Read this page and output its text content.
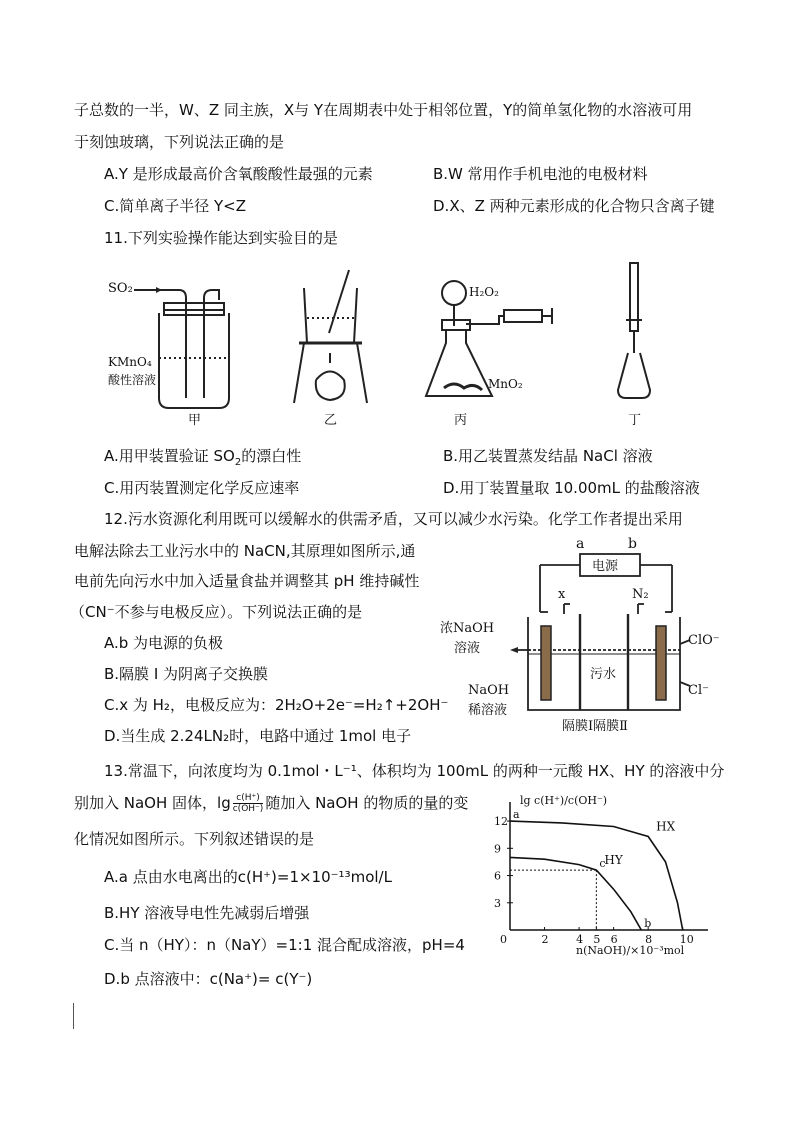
子总数的一半，W、Z 同主族，X与 Y在周期表中处于相邻位置，Y的简单氢化物的水溶液可用
于刻蚀玻璃，下列说法正确的是
A.Y 是形成最高价含氧酸酸性最强的元素	B.W 常用作手机电池的电极材料
C.简单离子半径 Y<Z	D.X、Z 两种元素形成的化合物只含离子键
11.下列实验操作能达到实验目的是
SO₂
KMnO₄
酸性溶液
H₂O₂
MnO₂
甲	乙	丙	丁
A.用甲装置验证 $SO_2$的漂白性	B.用乙装置蒸发结晶 NaCl 溶液
C.用丙装置测定化学反应速率	D.用丁装置量取 10.00mL 的盐酸溶液
12.污水资源化利用既可以缓解水的供需矛盾，又可以减少水污染。化学工作者提出采用
电解法除去工业污水中的 NaCN,其原理如图所示,通
电前先向污水中加入适量食盐并调整其 pH 维持碱性
（CN⁻不参与电极反应）。下列说法正确的是
A.b 为电源的负极
B.隔膜 I 为阴离子交换膜
C.x 为 H₂，电极反应为：2H₂O+2e⁻=H₂↑+2OH⁻
D.当生成 2.24LN₂时，电路中通过 1mol 电子
a	b
电源
x	N₂
浓NaOH
溶液
NaOH
稀溶液
污水
ClO⁻
Cl⁻
隔膜Ⅰ隔膜Ⅱ
13.常温下，向浓度均为 0.1mol・L⁻¹、体积均为 100mL 的两种一元酸 HX、HY 的溶液中分
别加入 NaOH 固体，$\lg \frac{c(H^+)}{c(OH^-)}$ 随加入 NaOH 的物质的量的变
化情况如图所示。下列叙述错误的是
A.a 点由水电离出的c(H⁺)=1×10⁻¹³mol/L
B.HY 溶液导电性先减弱后增强
C.当 n（HY）：n（NaY）=1:1 混合配成溶液，pH=4
D.b 点溶液中：c(Na⁺)= c(Y⁻)
HX
HY
a
c
b
3
6
9
12
2	4 5 6	8	10
0
lg c(H⁺)/c(OH⁻)
n(NaOH)/×10⁻³mol
